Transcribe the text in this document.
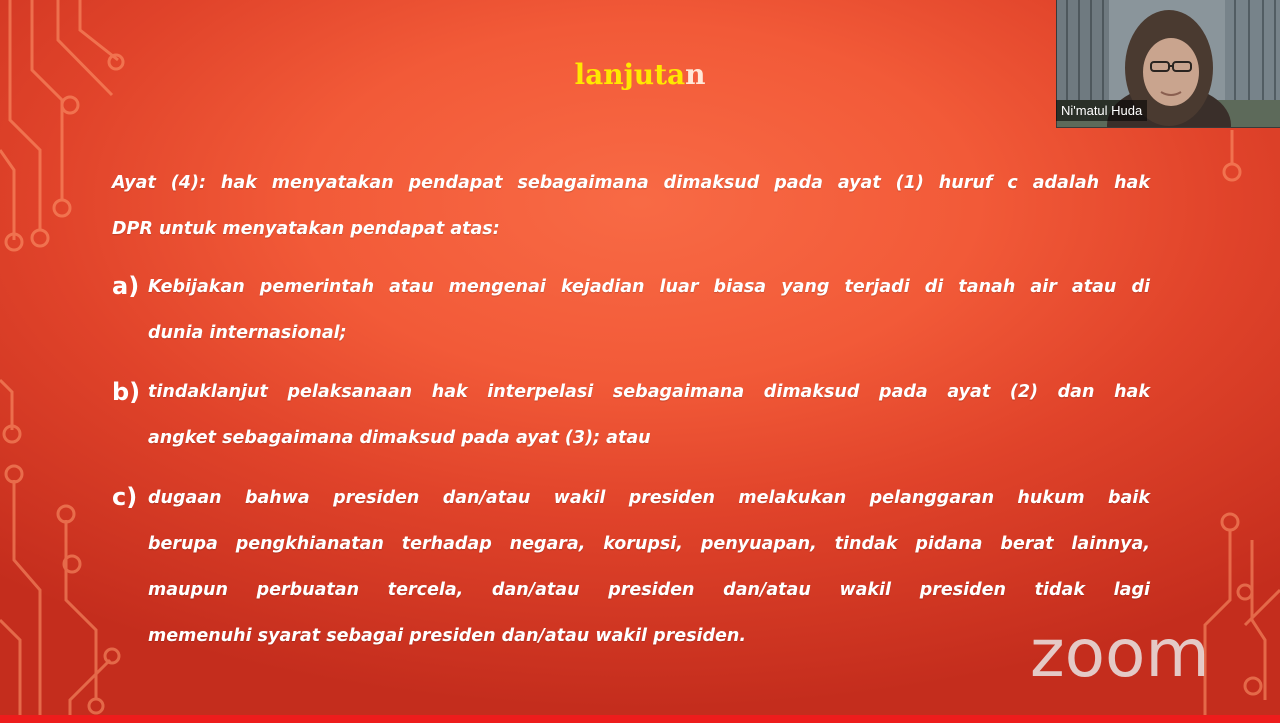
lanjutan
Ayat (4): hak menyatakan pendapat sebagaimana dimaksud pada ayat (1) huruf c adalah hak
DPR untuk menyatakan pendapat atas:
a) Kebijakan pemerintah atau mengenai kejadian luar biasa yang terjadi di tanah air atau di
dunia internasional;
b) tindaklanjut pelaksanaan hak interpelasi sebagaimana dimaksud pada ayat (2) dan hak
angket sebagaimana dimaksud pada ayat (3); atau
c) dugaan bahwa presiden dan/atau wakil presiden melakukan pelanggaran hukum baik
berupa pengkhianatan terhadap negara, korupsi, penyuapan, tindak pidana berat lainnya,
maupun perbuatan tercela, dan/atau presiden dan/atau wakil presiden tidak lagi
memenuhi syarat sebagai presiden dan/atau wakil presiden.
Ni'matul Huda
zoom
